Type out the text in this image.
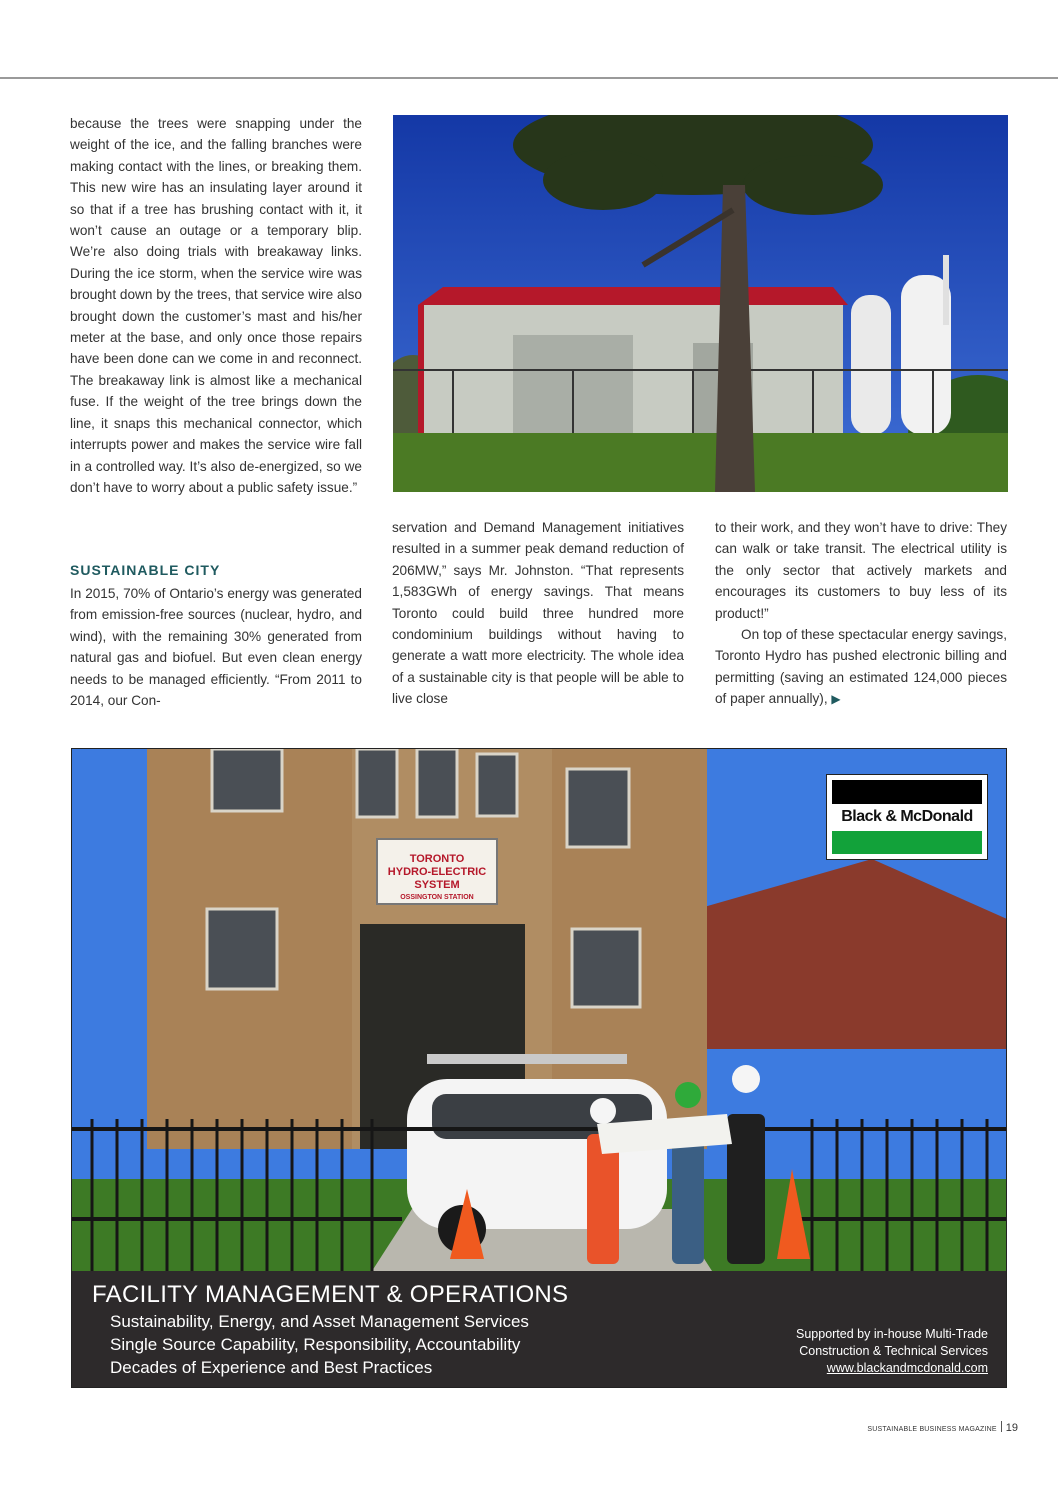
because the trees were snapping under the weight of the ice, and the falling branches were making contact with the lines, or breaking them. This new wire has an insulating layer around it so that if a tree has brushing contact with it, it won’t cause an outage or a temporary blip. We’re also doing trials with breakaway links. During the ice storm, when the service wire was brought down by the trees, that service wire also brought down the customer’s mast and his/her meter at the base, and only once those repairs have been done can we come in and reconnect. The breakaway link is almost like a mechanical fuse. If the weight of the tree brings down the line, it snaps this mechanical connector, which interrupts power and makes the service wire fall in a controlled way. It’s also de-energized, so we don’t have to worry about a public safety issue.”

SUSTAINABLE CITY

In 2015, 70% of Ontario’s energy was generated from emission-free sources (nuclear, hydro, and wind), with the remaining 30% generated from natural gas and biofuel. But even clean energy needs to be managed efficiently. “From 2011 to 2014, our Con-

servation and Demand Management initiatives resulted in a summer peak demand reduction of 206MW,” says Mr. Johnston. “That represents 1,583GWh of energy savings. That means Toronto could build three hundred more condominium buildings without having to generate a watt more electricity. The whole idea of a sustainable city is that people will be able to live close

to their work, and they won’t have to drive: They can walk or take transit. The electrical utility is the only sector that actively markets and encourages its customers to buy less of its product!”

On top of these spectacular energy savings, Toronto Hydro has pushed electronic billing and permitting (saving an estimated 124,000 pieces of paper annually), ▶

TORONTO
HYDRO-ELECTRIC
SYSTEM
OSSINGTON STATION
Black & McDonald
FACILITY MANAGEMENT & OPERATIONS
Sustainability, Energy, and Asset Management Services
Single Source Capability, Responsibility, Accountability
Decades of Experience and Best Practices
Supported by in-house Multi-Trade
Construction & Technical Services
www.blackandmcdonald.com
SUSTAINABLE BUSINESS MAGAZINE 19
